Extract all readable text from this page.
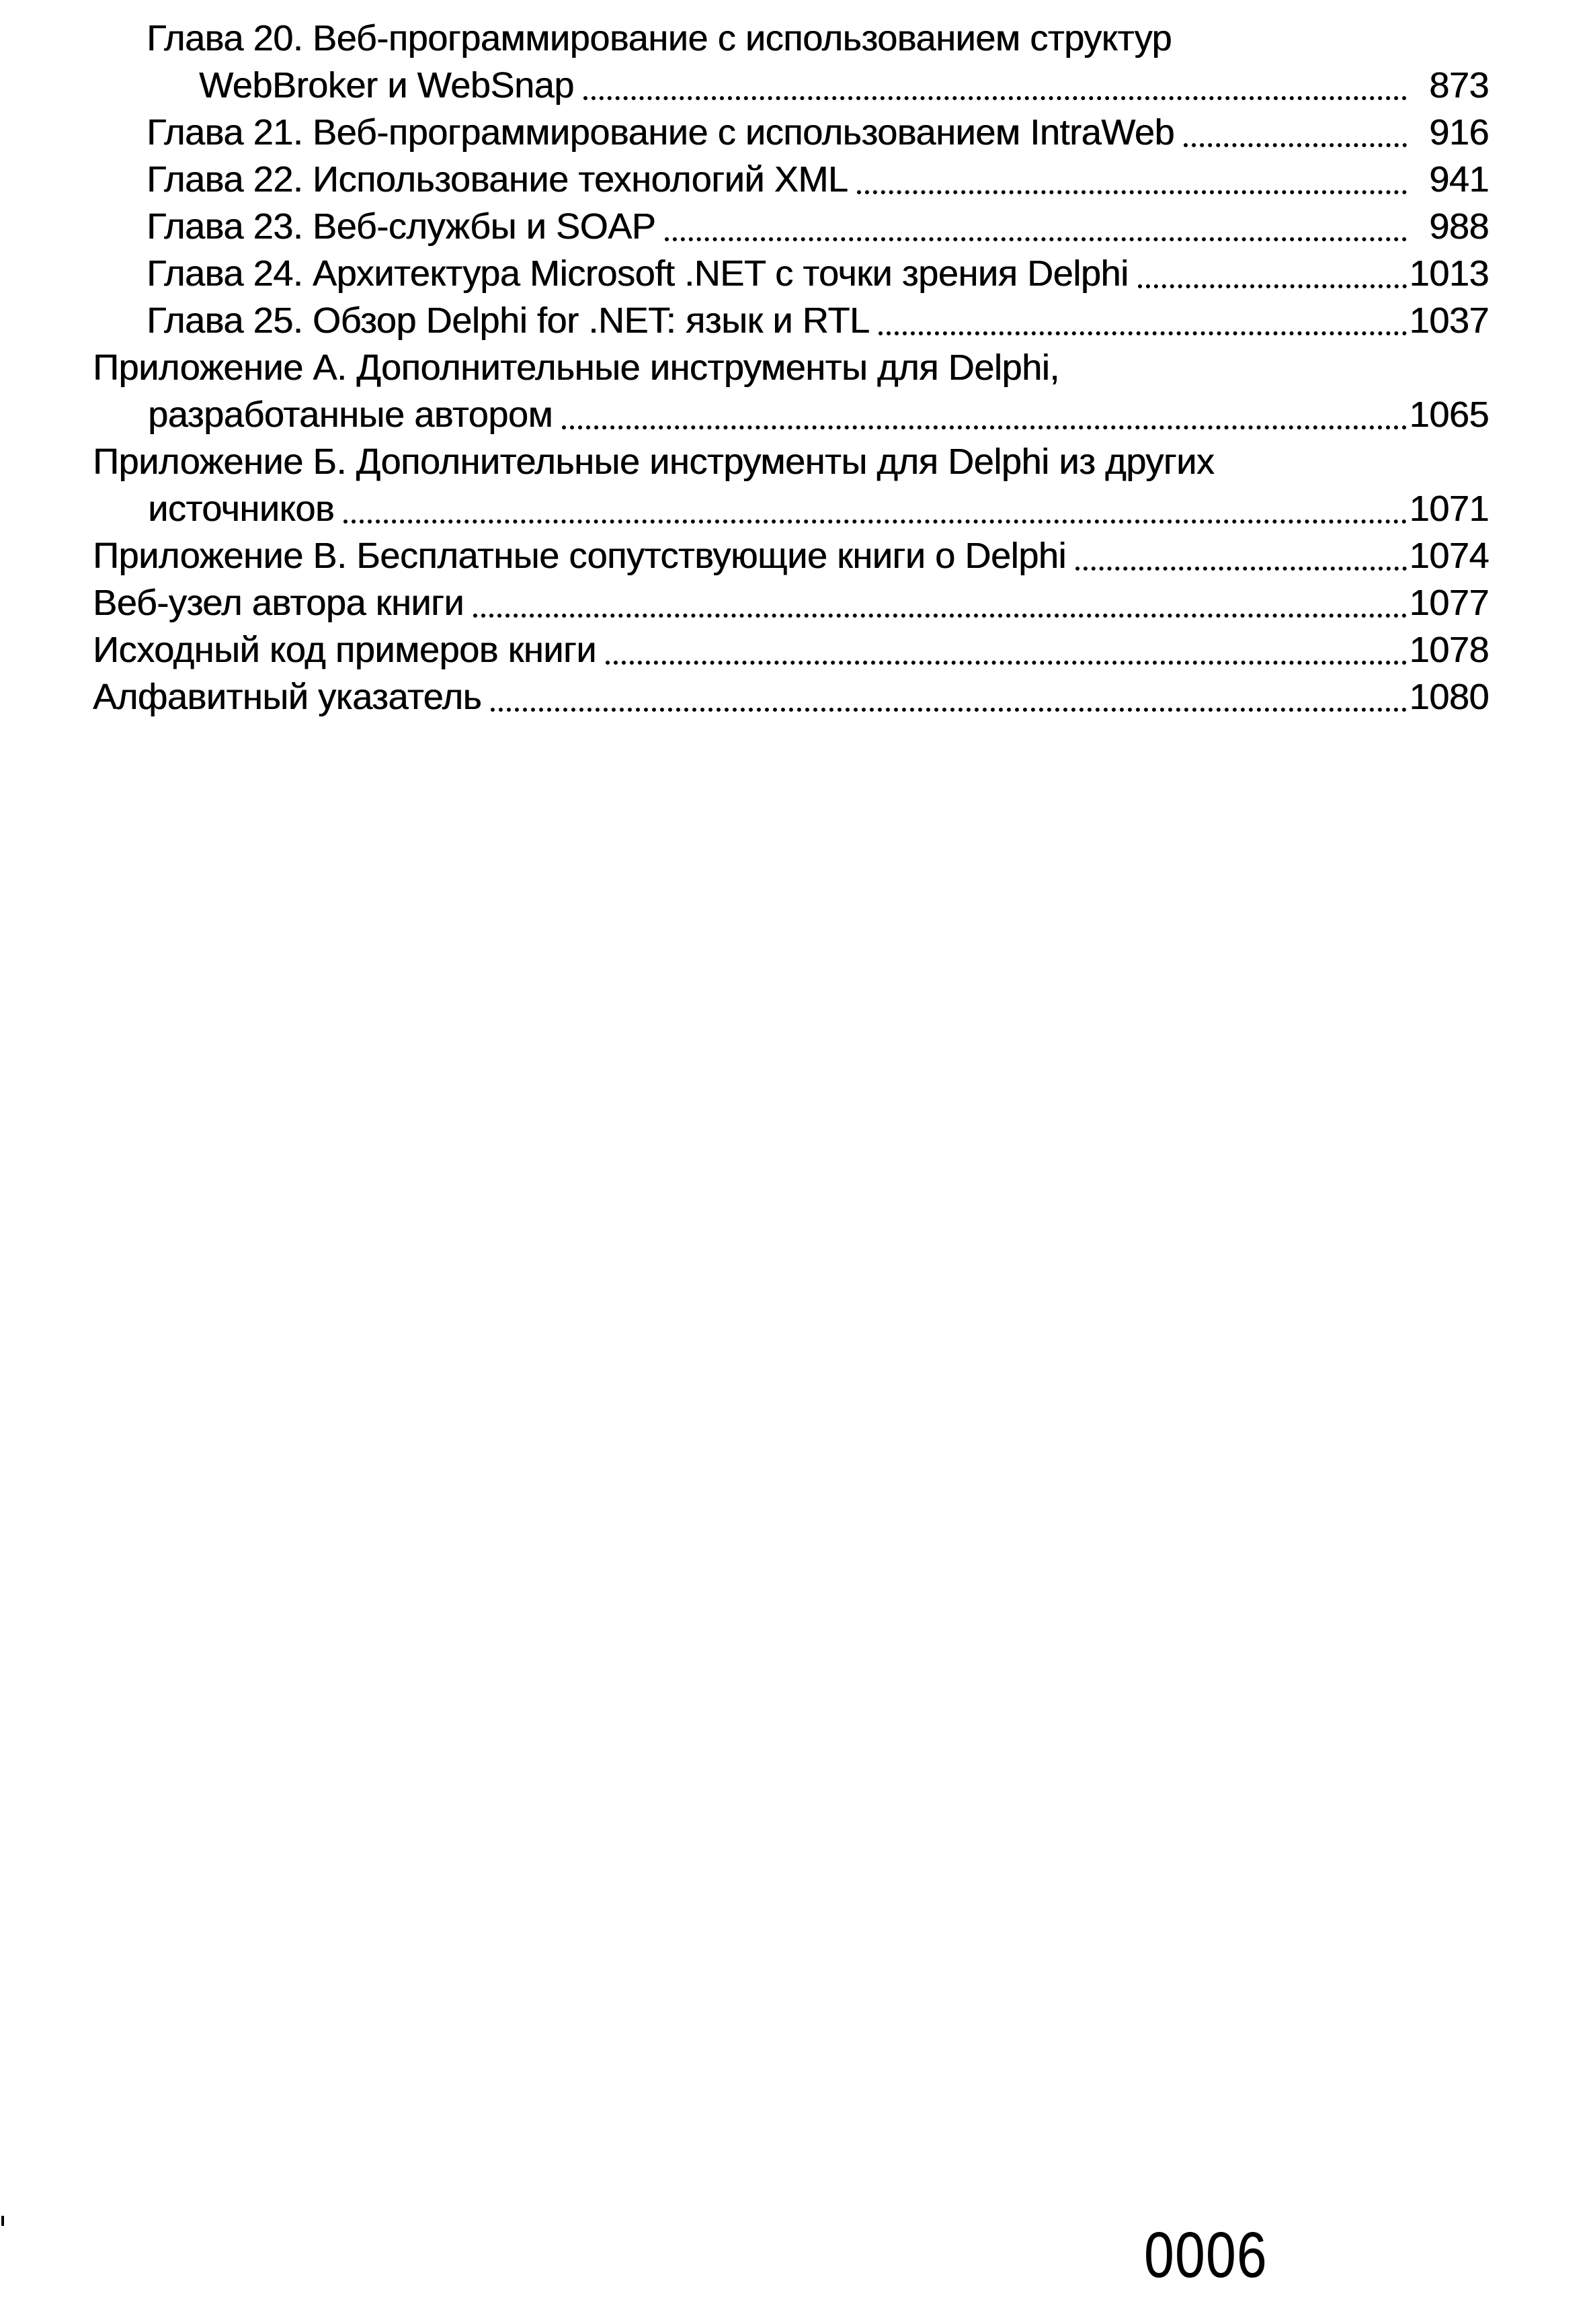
Глава 20. Веб-программирование с использованием структур
WebBroker и WebSnap	873
Глава 21. Веб-программирование с использованием IntraWeb	916
Глава 22. Использование технологий XML	941
Глава 23. Веб-службы и SOAP	988
Глава 24. Архитектура Microsoft .NET с точки зрения Delphi	1013
Глава 25. Обзор Delphi for .NET: язык и RTL	1037
Приложение А. Дополнительные инструменты для Delphi,
разработанные автором	1065
Приложение Б. Дополнительные инструменты для Delphi из других
источников	1071
Приложение В. Бесплатные сопутствующие книги о Delphi	1074
Веб-узел автора книги	1077
Исходный код примеров книги	1078
Алфавитный указатель	1080
0006
